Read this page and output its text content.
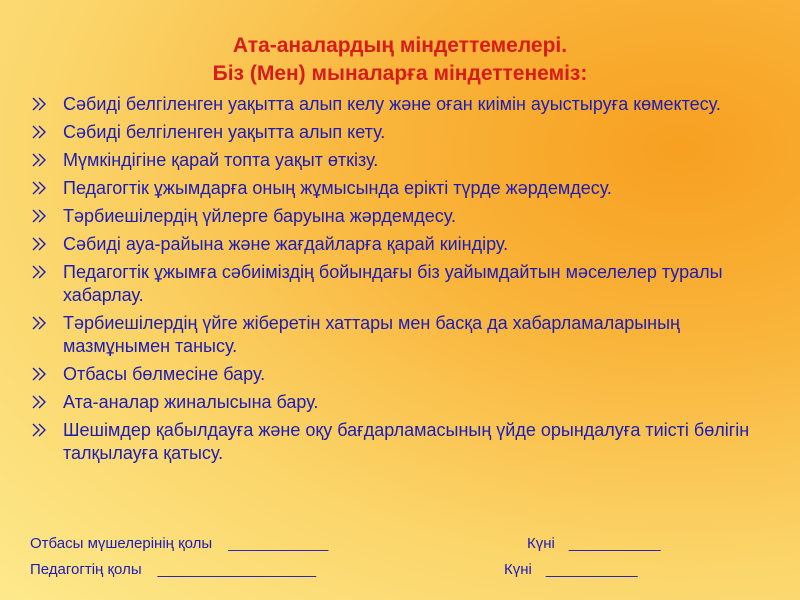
Ата-аналардың міндеттемелері.
Біз (Мен) мыналарға міндеттенеміз:
Сәбиді белгіленген уақытта алып келу және оған киімін ауыстыруға көмектесу.
Сәбиді белгіленген уақытта алып кету.
Мүмкіндігіне қарай топта уақыт өткізу.
Педагогтік ұжымдарға оның жұмысында ерікті түрде жәрдемдесу.
Тәрбиешілердің үйлерге баруына жәрдемдесу.
Сәбиді ауа-райына және жағдайларға қарай киіндіру.
Педагогтік ұжымға сәбиіміздің бойындағы біз уайымдайтын мәселелер туралы хабарлау.
Тәрбиешілердің үйге жіберетін хаттары мен басқа да хабарламаларының мазмұнымен танысу.
Отбасы бөлмесіне бару.
Ата-аналар жиналысына бару.
Шешімдер қабылдауға және оқу бағдарламасының үйде орындалуға тиісті бөлігін талқылауға қатысу.
Отбасы мүшелерінің қолы ____________	Күні ___________
Педагогтің қолы ___________________	Күні ___________
